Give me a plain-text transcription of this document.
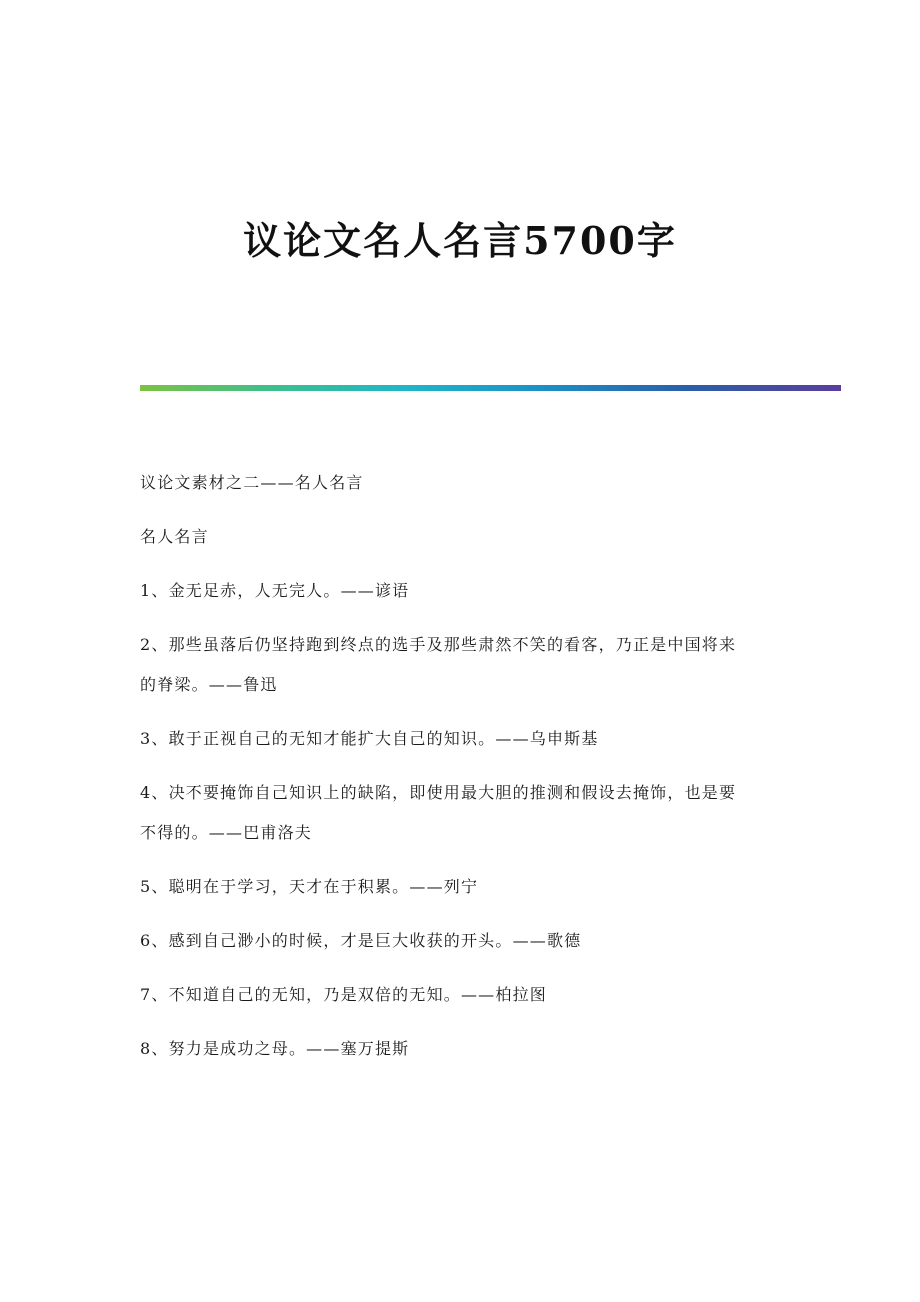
议论文名人名言5700字
议论文素材之二——名人名言
名人名言
1、金无足赤，人无完人。——谚语
2、那些虽落后仍坚持跑到终点的选手及那些肃然不笑的看客，乃正是中国将来
的脊梁。——鲁迅
3、敢于正视自己的无知才能扩大自己的知识。——乌申斯基
4、决不要掩饰自己知识上的缺陷，即使用最大胆的推测和假设去掩饰，也是要
不得的。——巴甫洛夫
5、聪明在于学习，天才在于积累。——列宁
6、感到自己渺小的时候，才是巨大收获的开头。——歌德
7、不知道自己的无知，乃是双倍的无知。——柏拉图
8、努力是成功之母。——塞万提斯
